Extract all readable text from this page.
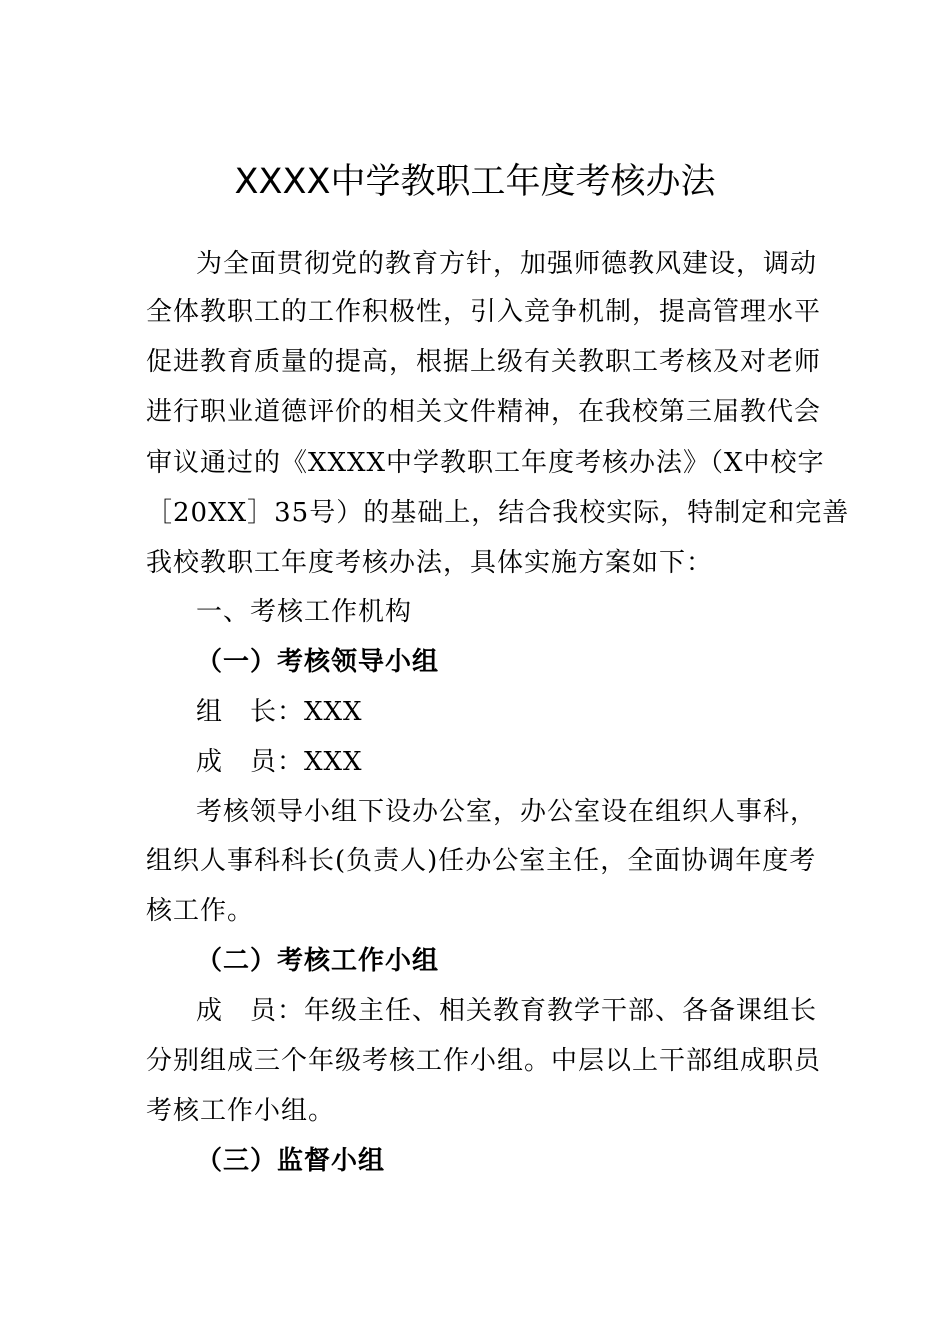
XXXX中学教职工年度考核办法
为全面贯彻党的教育方针，加强师德教风建设，调动
全体教职工的工作积极性，引入竞争机制，提高管理水平
促进教育质量的提高，根据上级有关教职工考核及对老师
进行职业道德评价的相关文件精神，在我校第三届教代会
审议通过的《XXXX中学教职工年度考核办法》（X中校字
［20XX］35号）的基础上，结合我校实际，特制定和完善
我校教职工年度考核办法，具体实施方案如下：
一、考核工作机构
（一）考核领导小组
组　长：XXX
成　员：XXX
考核领导小组下设办公室，办公室设在组织人事科，
组织人事科科长(负责人)任办公室主任，全面协调年度考
核工作。
（二）考核工作小组
成　员：年级主任、相关教育教学干部、各备课组长
分别组成三个年级考核工作小组。中层以上干部组成职员
考核工作小组。
（三）监督小组
